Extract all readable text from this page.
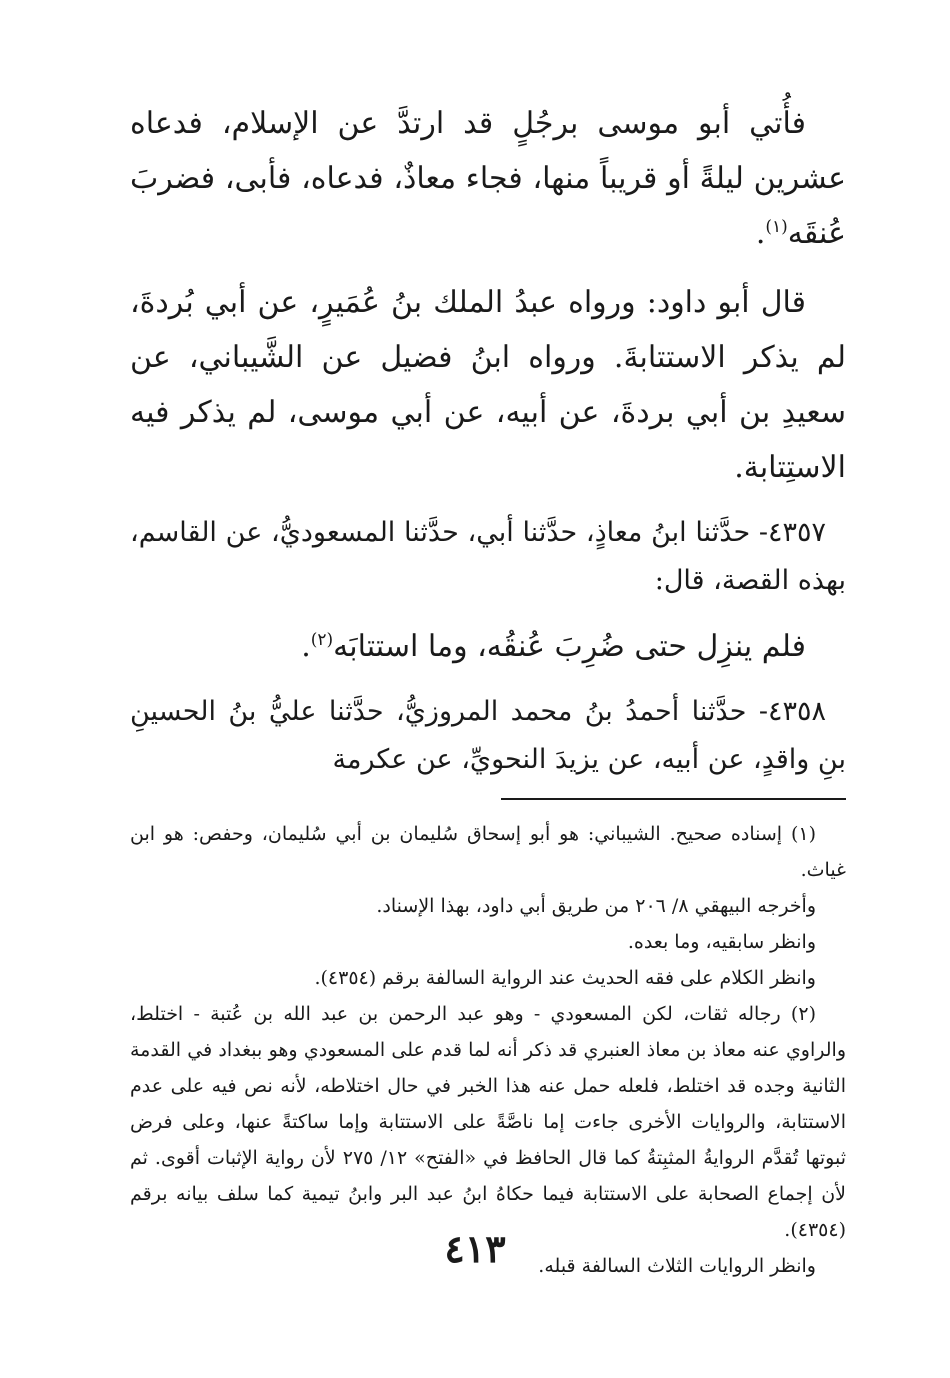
فأُتي أبو موسى برجُلٍ قد ارتدَّ عن الإسلام، فدعاه عشرين ليلةً أو قريباً منها، فجاء معاذٌ، فدعاه، فأبى، فضربَ عُنقَه$^{(١)}$.

قال أبو داود: ورواه عبدُ الملك بنُ عُمَيرٍ، عن أبي بُردةَ، لم يذكر الاستتابةَ. ورواه ابنُ فضيل عن الشَّيباني، عن سعيدِ بن أبي بردةَ، عن أبيه، عن أبي موسى، لم يذكر فيه الاستِتابة.

٤٣٥٧- حدَّثنا ابنُ معاذٍ، حدَّثنا أبي، حدَّثنا المسعوديُّ، عن القاسم، بهذه القصة، قال:

فلم ينزِل حتى ضُرِبَ عُنقُه، وما استتابَه$^{(٢)}$.

٤٣٥٨- حدَّثنا أحمدُ بنُ محمد المروزيُّ، حدَّثنا عليُّ بنُ الحسينِ بنِ واقدٍ، عن أبيه، عن يزيدَ النحويِّ، عن عكرمة

(١) إسناده صحيح. الشيباني: هو أبو إسحاق سُليمان بن أبي سُليمان، وحفص: هو ابن غياث.

وأخرجه البيهقي ٨/ ٢٠٦ من طريق أبي داود، بهذا الإسناد.

وانظر سابقيه، وما بعده.

وانظر الكلام على فقه الحديث عند الرواية السالفة برقم (٤٣٥٤).

(٢) رجاله ثقات، لكن المسعودي - وهو عبد الرحمن بن عبد الله بن عُتبة - اختلط، والراوي عنه معاذ بن معاذ العنبري قد ذكر أنه لما قدم على المسعودي وهو ببغداد في القدمة الثانية وجده قد اختلط، فلعله حمل عنه هذا الخبر في حال اختلاطه، لأنه نص فيه على عدم الاستتابة، والروايات الأخرى جاءت إما ناصَّةً على الاستتابة وإما ساكتةً عنها، وعلى فرض ثبوتها تُقدَّم الروايةُ المثبِتةُ كما قال الحافظ في «الفتح» ١٢/ ٢٧٥ لأن رواية الإثبات أقوى. ثم لأن إجماع الصحابة على الاستتابة فيما حكاهُ ابنُ عبد البر وابنُ تيمية كما سلف بيانه برقم (٤٣٥٤).

وانظر الروايات الثلاث السالفة قبله.

٤١٣
